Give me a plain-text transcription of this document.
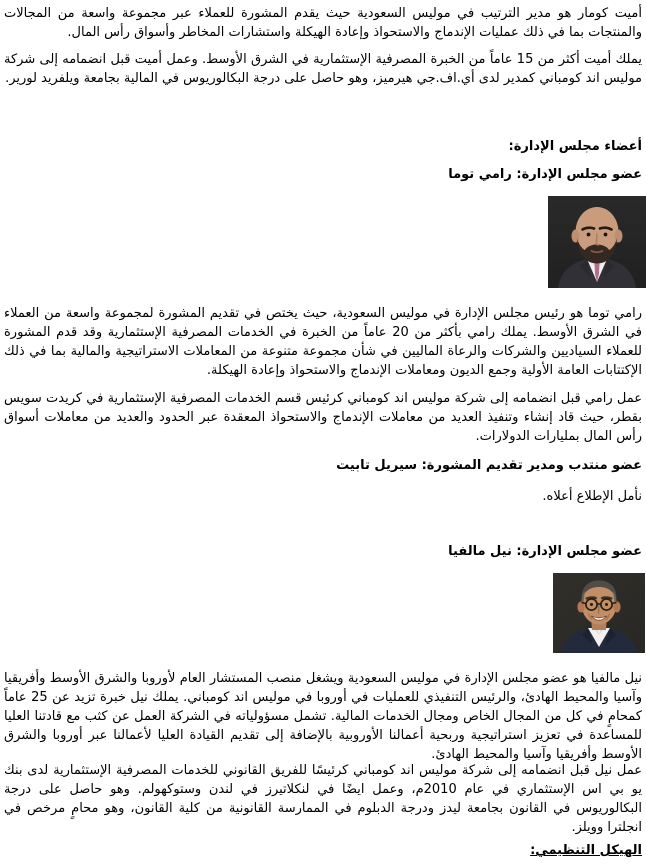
أميت كومار هو مدير الترتيب في موليس السعودية حيث يقدم المشورة للعملاء عبر مجموعة واسعة من المجالات والمنتجات بما في ذلك عمليات الإندماج والاستحواذ وإعادة الهيكلة واستشارات المخاطر وأسواق رأس المال.

يملك أميت أكثر من 15 عاماً من الخبرة المصرفية الإستثمارية في الشرق الأوسط. وعمل أميت قبل انضمامه إلى شركة موليس اند كومباني كمدير لدى أي.اف.جي هيرميز، وهو حاصل على درجة البكالوريوس في المالية بجامعة ويلفريد لورير.

أعضاء مجلس الإدارة:
عضو مجلس الإدارة: رامي توما

رامي توما هو رئيس مجلس الإدارة في موليس السعودية، حيث يختص في تقديم المشورة لمجموعة واسعة من العملاء في الشرق الأوسط. يملك رامي بأكثر من 20 عاماً من الخبرة في الخدمات المصرفية الإستثمارية وقد قدم المشورة للعملاء السياديين والشركات والرعاة الماليين في شأن مجموعة متنوعة من المعاملات الاستراتيجية والمالية بما في ذلك الإكتتابات العامة الأولية وجمع الديون ومعاملات الإندماج والاستحواذ وإعادة الهيكلة.

عمل رامي قبل انضمامه إلى شركة موليس اند كومباني كرئيس قسم الخدمات المصرفية الإستثمارية في كريدت سويس بقطر، حيث قاد إنشاء وتنفيذ العديد من معاملات الإندماج والاستحواذ المعقدة عبر الحدود والعديد من معاملات أسواق رأس المال بمليارات الدولارات.

عضو منتدب ومدير تقديم المشورة: سيريل تابيت

نأمل الإطلاع أعلاه.

عضو مجلس الإدارة: نيل مالفيا

نيل مالفيا هو عضو مجلس الإدارة في موليس السعودية ويشغل منصب المستشار العام لأوروبا والشرق الأوسط وأفريقيا وآسيا والمحيط الهادئ، والرئيس التنفيذي للعمليات في أوروبا في موليس اند كومباني. يملك نيل خبرة تزيد عن 25 عاماً كمحامٍ في كل من المجال الخاص ومجال الخدمات المالية. تشمل مسؤولياته في الشركة العمل عن كثب مع قادتنا العليا للمساعدة في تعزيز استراتيجية وربحية أعمالنا الأوروبية بالإضافة إلى تقديم القيادة العليا لأعمالنا عبر أوروبا والشرق الأوسط وأفريقيا وآسيا والمحيط الهادئ.

عمل نيل قبل انضمامه إلى شركة موليس اند كومباني كرئيسًا للفريق القانوني للخدمات المصرفية الإستثمارية لدى بنك يو بي اس الإستثماري في عام 2010م، وعمل ايضًا في لنكلاتيرز في لندن وستوكهولم. وهو حاصل على درجة البكالوريوس في القانون بجامعة ليدز ودرجة الدبلوم في الممارسة القانونية من كلية القانون، وهو محامٍ مرخص في انجلترا وويلز.

الهيكل التنظيمي:
